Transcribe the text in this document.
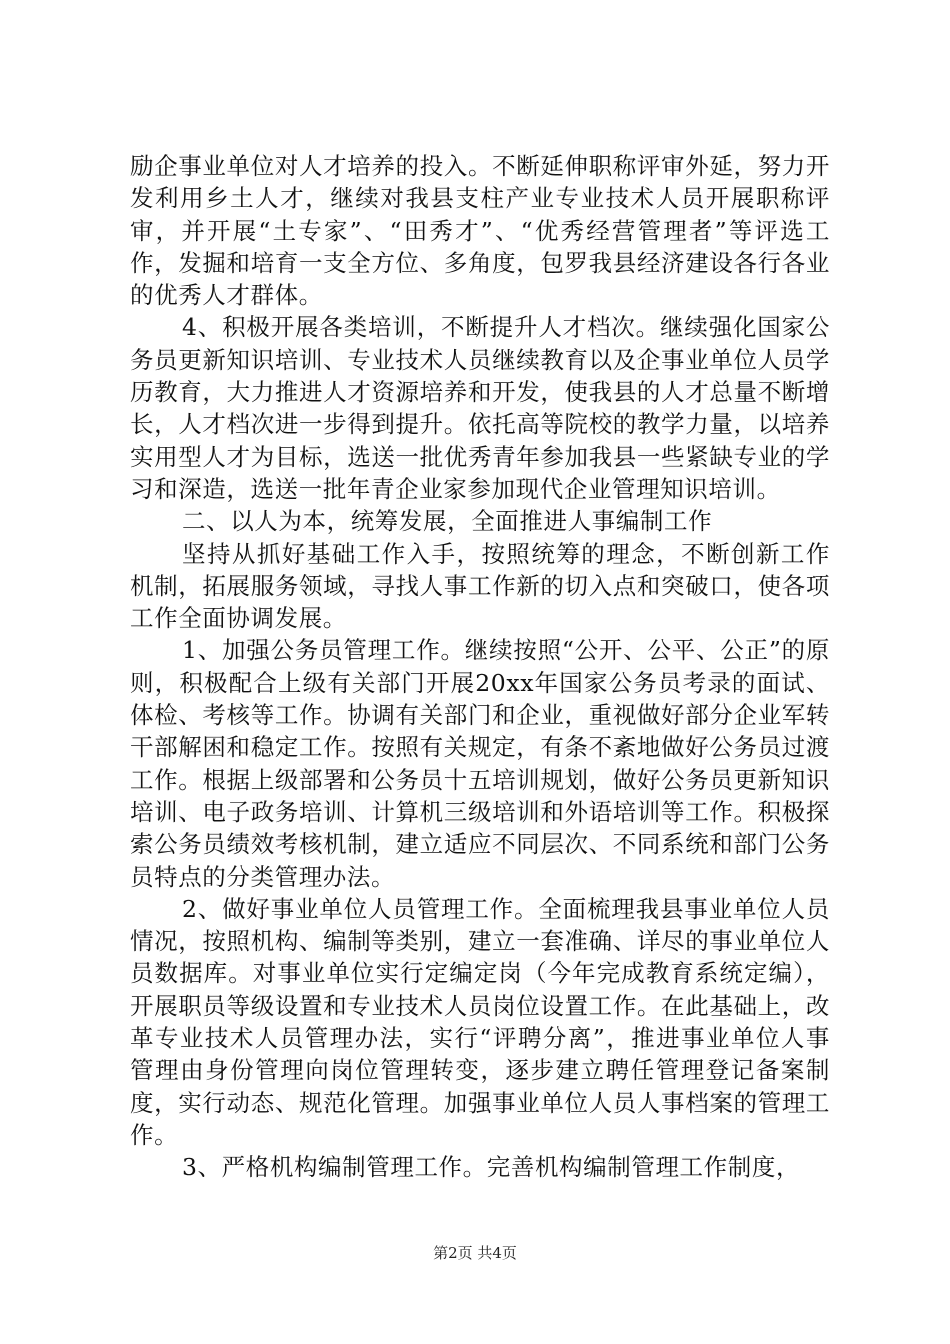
励企事业单位对人才培养的投入。不断延伸职称评审外延，努力开发利用乡土人才，继续对我县支柱产业专业技术人员开展职称评审，并开展“土专家”、“田秀才”、“优秀经营管理者”等评选工作，发掘和培育一支全方位、多角度，包罗我县经济建设各行各业的优秀人才群体。

4、积极开展各类培训，不断提升人才档次。继续强化国家公务员更新知识培训、专业技术人员继续教育以及企事业单位人员学历教育，大力推进人才资源培养和开发，使我县的人才总量不断增长，人才档次进一步得到提升。依托高等院校的教学力量，以培养实用型人才为目标，选送一批优秀青年参加我县一些紧缺专业的学习和深造，选送一批年青企业家参加现代企业管理知识培训。

二、以人为本，统筹发展，全面推进人事编制工作

坚持从抓好基础工作入手，按照统筹的理念，不断创新工作机制，拓展服务领域，寻找人事工作新的切入点和突破口，使各项工作全面协调发展。

1、加强公务员管理工作。继续按照“公开、公平、公正”的原则，积极配合上级有关部门开展20xx年国家公务员考录的面试、体检、考核等工作。协调有关部门和企业，重视做好部分企业军转干部解困和稳定工作。按照有关规定，有条不紊地做好公务员过渡工作。根据上级部署和公务员十五培训规划，做好公务员更新知识培训、电子政务培训、计算机三级培训和外语培训等工作。积极探索公务员绩效考核机制，建立适应不同层次、不同系统和部门公务员特点的分类管理办法。

2、做好事业单位人员管理工作。全面梳理我县事业单位人员情况，按照机构、编制等类别，建立一套准确、详尽的事业单位人员数据库。对事业单位实行定编定岗（今年完成教育系统定编），开展职员等级设置和专业技术人员岗位设置工作。在此基础上，改革专业技术人员管理办法，实行“评聘分离”，推进事业单位人事管理由身份管理向岗位管理转变，逐步建立聘任管理登记备案制度，实行动态、规范化管理。加强事业单位人员人事档案的管理工作。

3、严格机构编制管理工作。完善机构编制管理工作制度，

第2页 共4页
